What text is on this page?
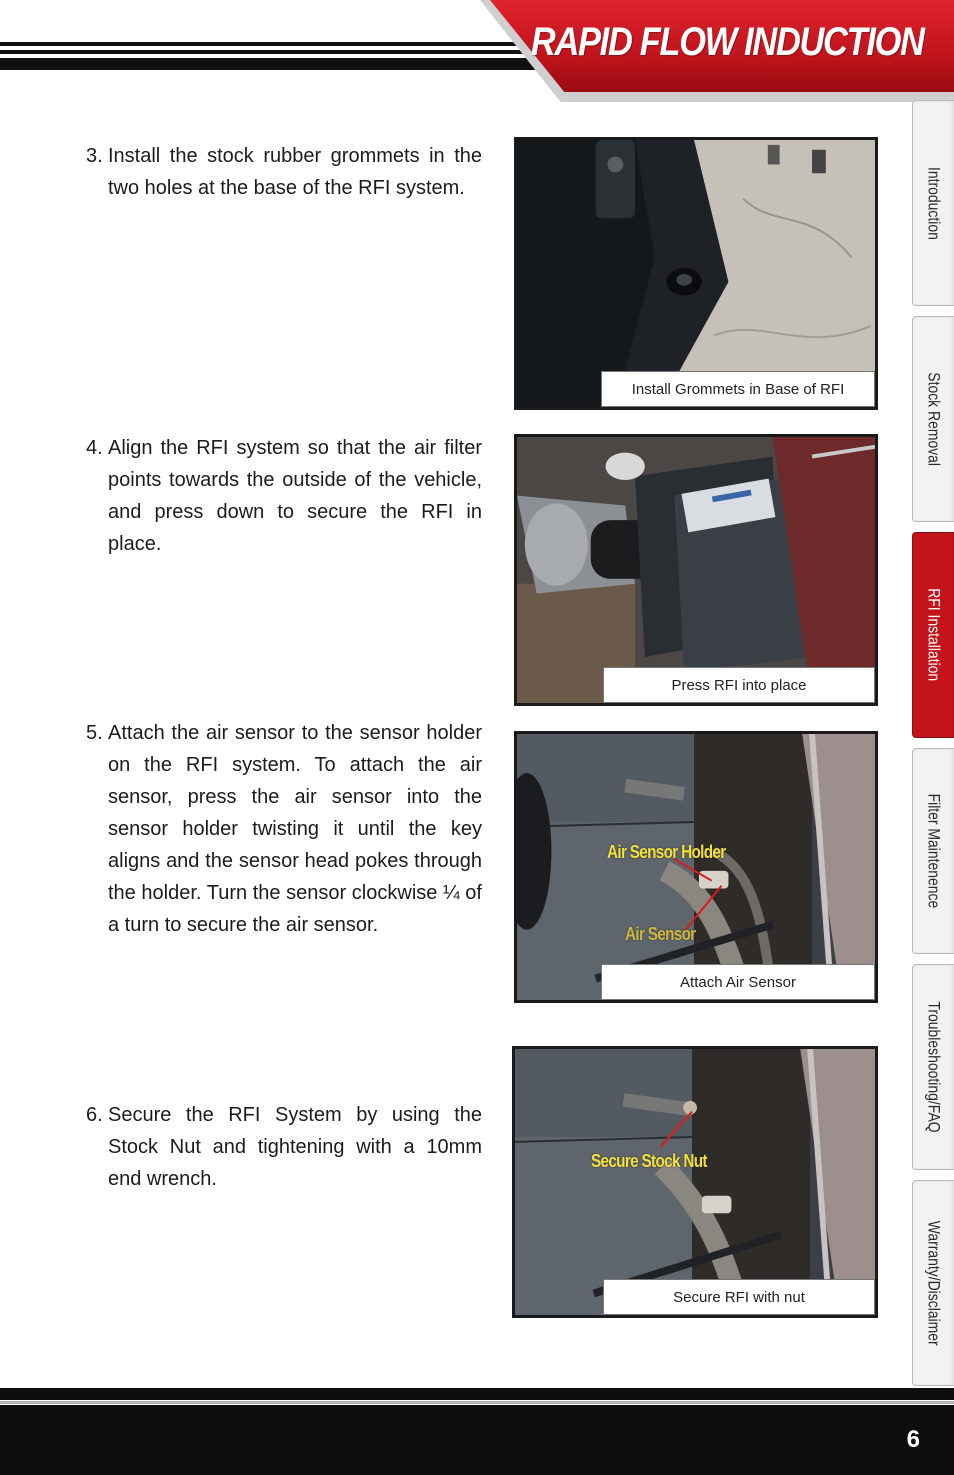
RAPID FLOW INDUCTION
Introduction
Stock Removal
RFI Installation
Filter Maintenence
Troubleshooting/FAQ
Warranty/Disclaimer
3. Install the stock rubber grommets in the two holes at the base of the RFI system.
4. Align the RFI system so that the air filter points towards the outside of the vehicle, and press down to secure the RFI in place.
5. Attach the air sensor to the sensor holder on the RFI system. To attach the air sensor, press the air sensor into the sensor holder twisting it until the key aligns and the sensor head pokes through the holder. Turn the sensor clockwise ¼ of a turn to secure the air sensor.
6. Secure the RFI System by using the Stock Nut and tightening with a 10mm end wrench.
Install Grommets in Base of RFI
Press RFI into place
Air Sensor Holder
Air Sensor
Attach Air Sensor
Secure Stock Nut
Secure RFI with nut
6
